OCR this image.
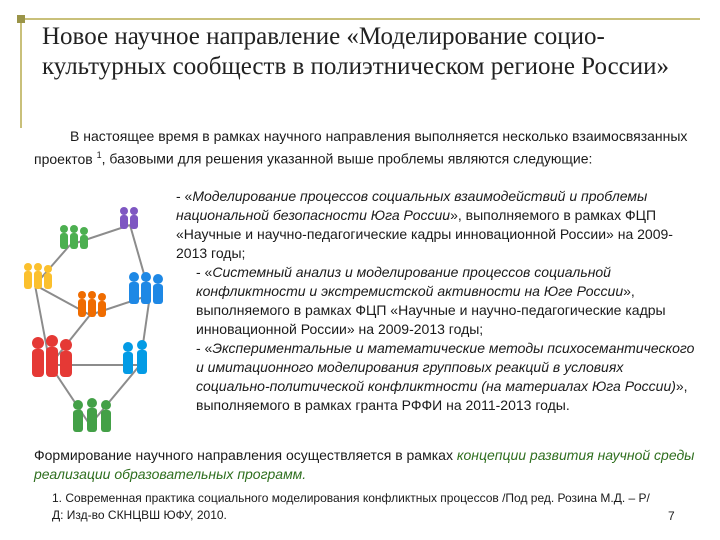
Новое научное направление «Моделирование социо-культурных сообществ в полиэтническом регионе России»
В настоящее время в рамках научного направления выполняется несколько взаимосвязанных проектов $^1$, базовыми для решения указанной выше проблемы являются следующие:
- «Моделирование процессов социальных взаимодействий и проблемы национальной безопасности Юга России», выполняемого в рамках ФЦП «Научные и научно-педагогические кадры инновационной России» на 2009-2013 годы;
- «Системный анализ и моделирование процессов социальной конфликтности и экстремистской активности на Юге России», выполняемого в рамках ФЦП «Научные и научно-педагогические кадры инновационной России» на 2009-2013 годы;
- «Экспериментальные и математические методы психосемантического и имитационного моделирования групповых реакций в условиях социально-политической конфликтности (на материалах Юга России)», выполняемого в рамках гранта РФФИ на 2011-2013 годы.
Формирование научного направления осуществляется в рамках концепции развития научной среды реализации образовательных программ.
1. Современная практика социального моделирования конфликтных процессов /Под ред. Розина М.Д. – Р/Д: Изд-во СКНЦВШ ЮФУ, 2010.	7
